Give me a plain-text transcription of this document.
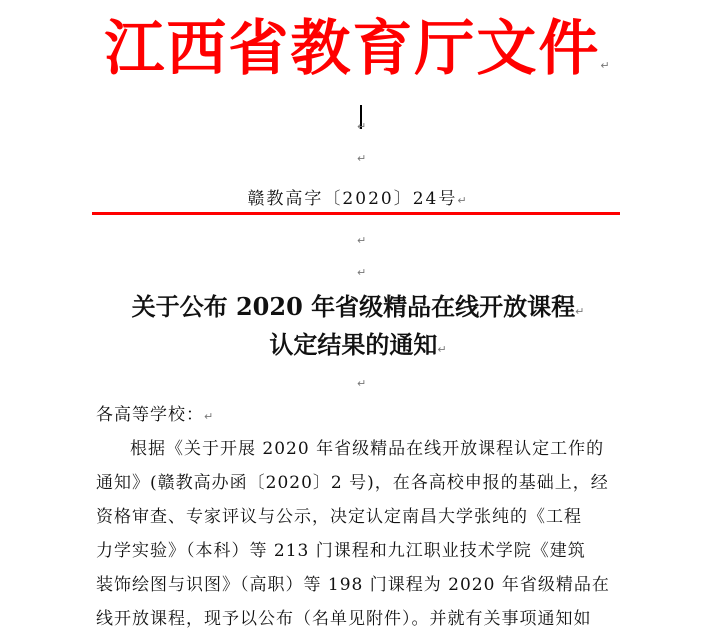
江西省教育厅文件↵
↵
↵
赣教高字〔2020〕24号↵
↵
↵
关于公布 2020 年省级精品在线开放课程↵
认定结果的通知↵
↵
各高等学校：↵
根据《关于开展 2020 年省级精品在线开放课程认定工作的
通知》(赣教高办函〔2020〕2 号)，在各高校申报的基础上，经
资格审查、专家评议与公示，决定认定南昌大学张纯的《工程
力学实验》（本科）等 213 门课程和九江职业技术学院《建筑
装饰绘图与识图》（高职）等 198 门课程为 2020 年省级精品在
线开放课程，现予以公布（名单见附件）。并就有关事项通知如
